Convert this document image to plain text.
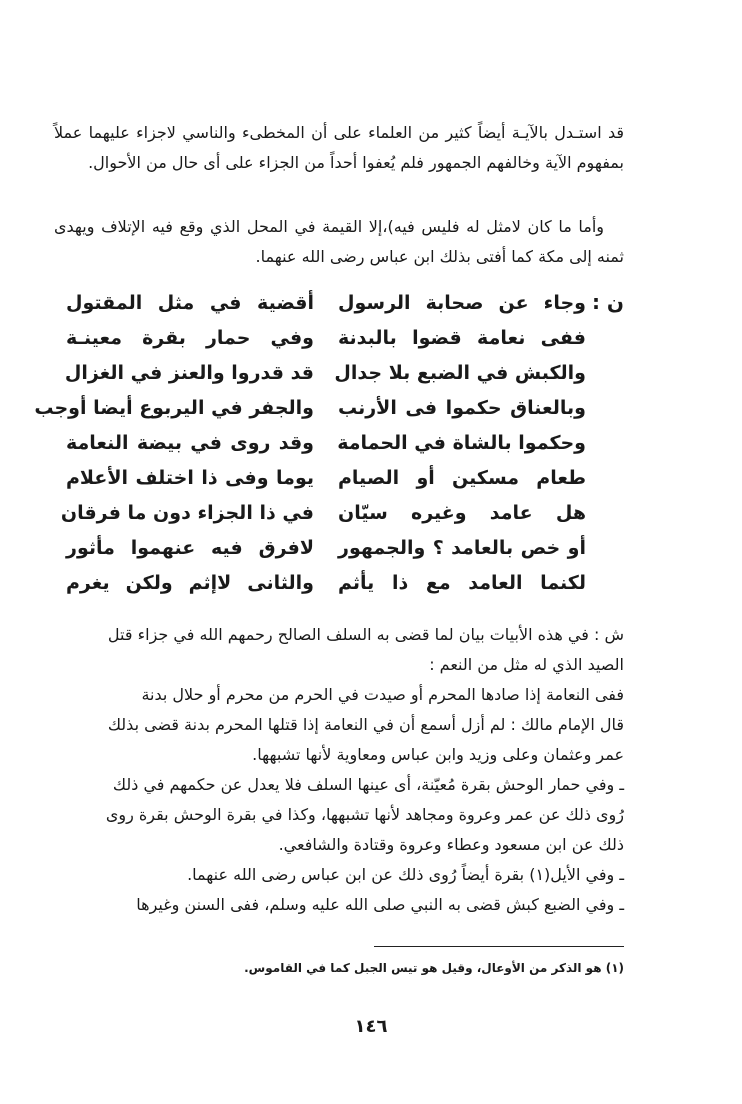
قد استـدل بالآيـة أيضاً كثير من العلماء على أن المخطىء والناسي لاجزاء عليهما عملاً بمفهوم الآية وخالفهم الجمهور فلم يُعفوا أحداً من الجزاء على أى حال من الأحوال.

وأما ما كان لامثل له فليس فيه)،إلا القيمة في المحل الذي وقع فيه الإتلاف ويهدى ثمنه إلى مكة كما أفتى بذلك ابن عباس رضى الله عنهما.

ن :
وجاء عن صحابة الرسول
أقضية في مثل المقتول
ففى نعامة قضوا بالبدنة
وفي حمار بقرة معينـة
والكبش في الضبع بلا جدال
قد قدروا والعنز في الغزال
وبالعناق حكموا فى الأرنب
والجفر في اليربوع أيضا أوجب
وحكموا بالشاة في الحمامة
وقد روى في بيضة النعامة
طعام مسكين أو الصيام
يوما وفى ذا اختلف الأعلام
هل عامد وغيره سيّان
في ذا الجزاء دون ما فرقان
أو خص بالعامد ؟ والجمهور
لافرق فيه عنهموا مأثور
لكنما العامد مع ذا يأثم
والثانى لاإثم ولكن يغرم
ش : في هذه الأبيات بيان لما قضى به السلف الصالح رحمهم الله في جزاء قتل
الصيد الذي له مثل من النعم :
ففى النعامة إذا صادها المحرم أو صيدت في الحرم من محرم أو حلال بدنة
قال الإمام مالك : لم أزل أسمع أن في النعامة إذا قتلها المحرم بدنة قضى بذلك
عمر وعثمان وعلى وزيد وابن عباس ومعاوية لأنها تشبهها.
ـ وفي حمار الوحش بقرة مُعيّنة، أى عينها السلف فلا يعدل عن حكمهم في ذلك
رُوى ذلك عن عمر وعروة ومجاهد لأنها تشبهها، وكذا في بقرة الوحش بقرة روى
ذلك عن ابن مسعود وعطاء وعروة وقتادة والشافعي.
ـ وفي الأيل(١) بقرة أيضاً رُوى ذلك عن ابن عباس رضى الله عنهما.
ـ وفي الضبع كبش قضى به النبي صلى الله عليه وسلم، ففى السنن وغيرها
(١) هو الذكر من الأوعال، وقيل هو تيس الجبل كما في القاموس.
١٤٦
